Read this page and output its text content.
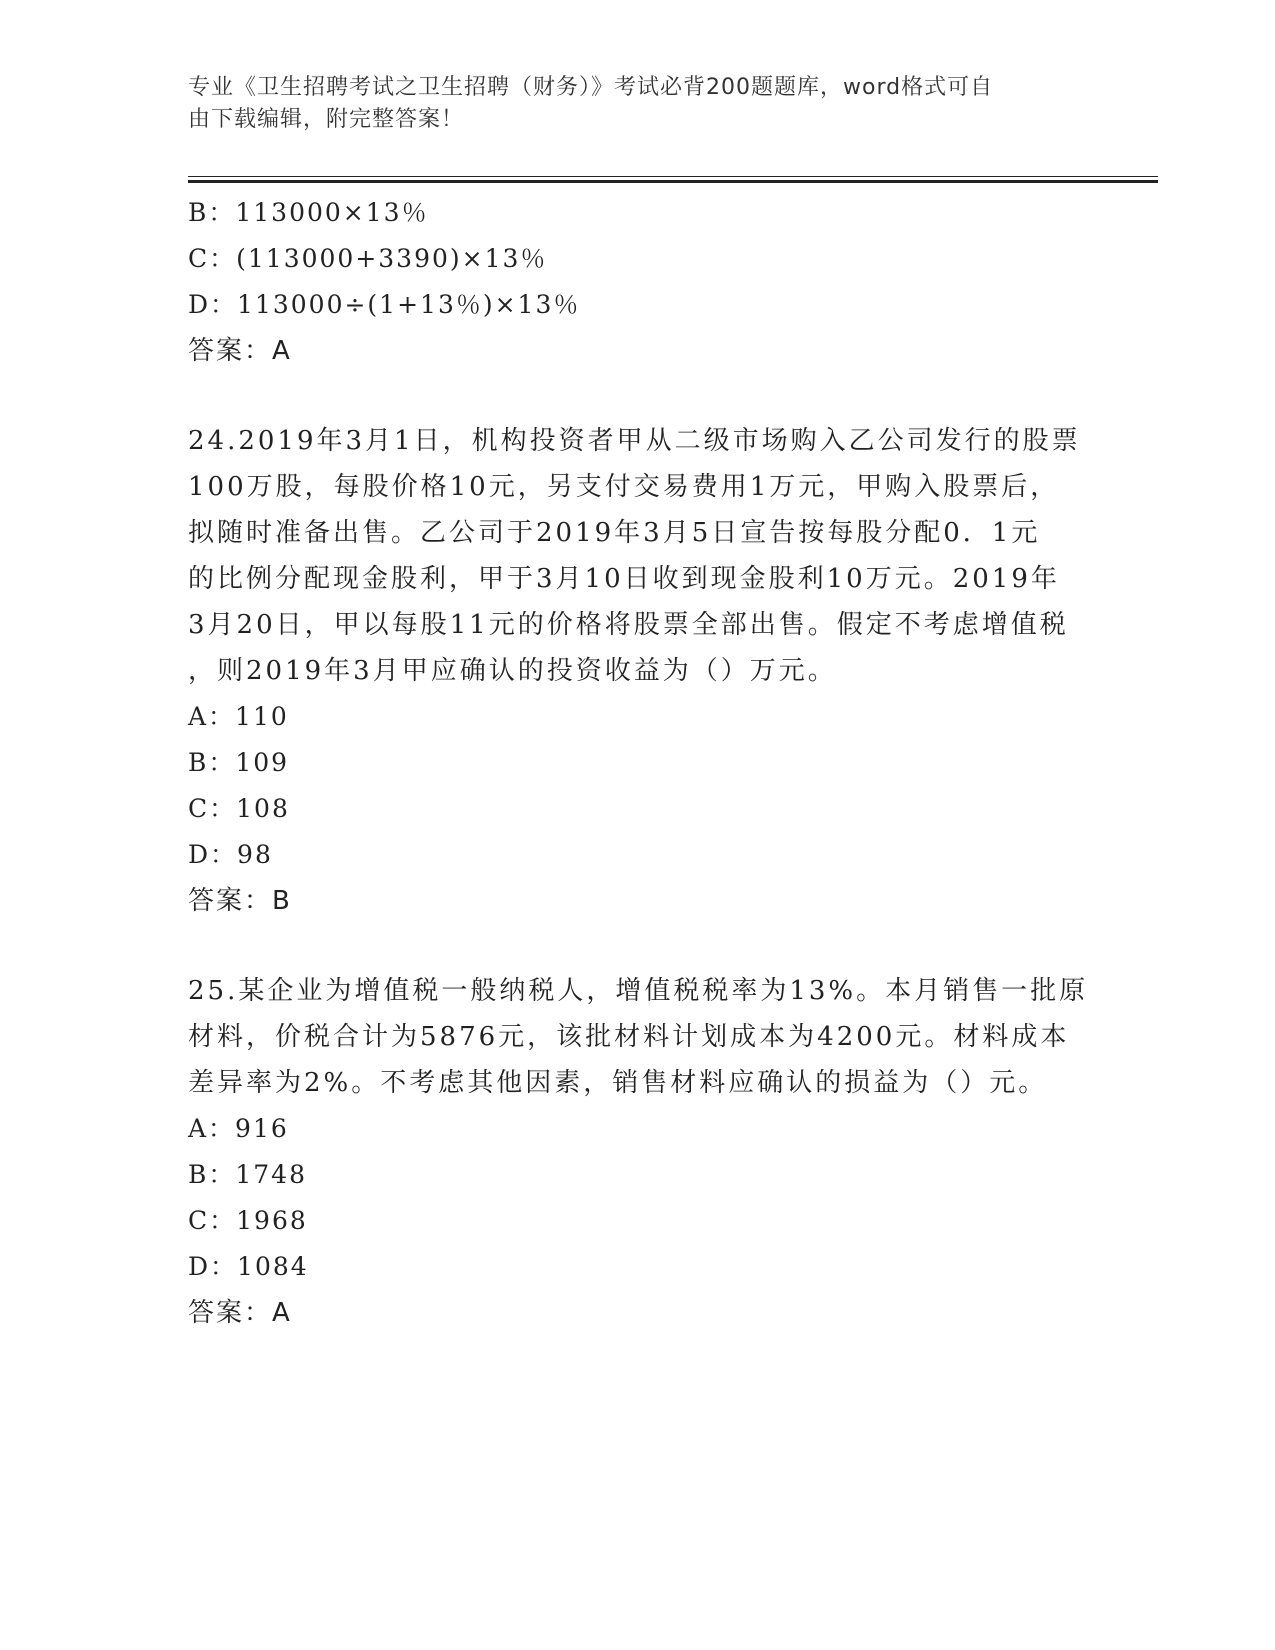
专业《卫生招聘考试之卫生招聘（财务）》考试必背200题题库，word格式可自
由下载编辑，附完整答案！
B：113000×13％
C：(113000+3390)×13％
D：113000÷(1+13％)×13％
答案：A
24.2019年3月1日，机构投资者甲从二级市场购入乙公司发行的股票
100万股，每股价格10元，另支付交易费用1万元，甲购入股票后，
拟随时准备出售。乙公司于2019年3月5日宣告按每股分配0．1元
的比例分配现金股利，甲于3月10日收到现金股利10万元。2019年
3月20日，甲以每股11元的价格将股票全部出售。假定不考虑增值税
，则2019年3月甲应确认的投资收益为（）万元。
A：110
B：109
C：108
D：98
答案：B
25.某企业为增值税一般纳税人，增值税税率为13%。本月销售一批原
材料，价税合计为5876元，该批材料计划成本为4200元。材料成本
差异率为2%。不考虑其他因素，销售材料应确认的损益为（）元。
A：916
B：1748
C：1968
D：1084
答案：A
